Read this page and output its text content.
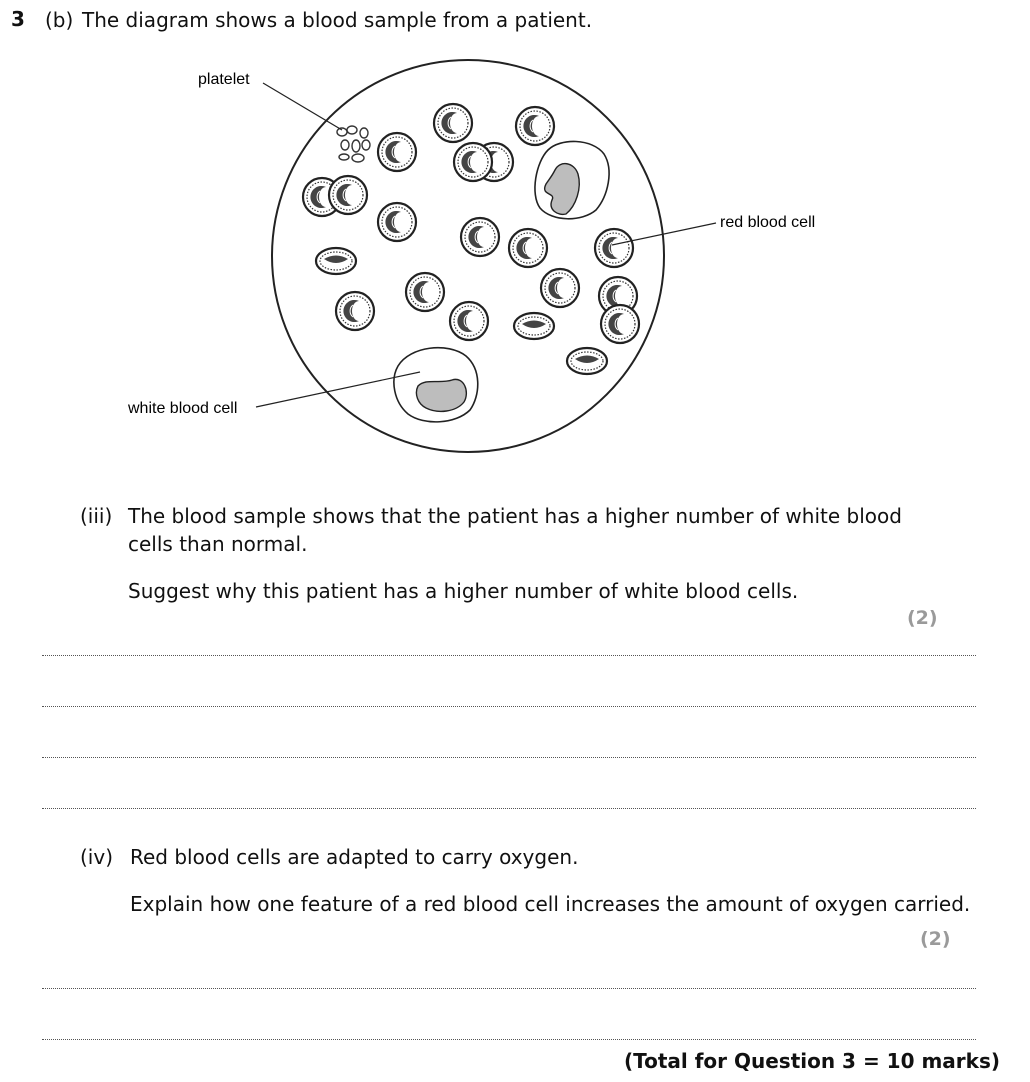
3 (b) The diagram shows a blood sample from a patient.
platelet
red blood cell
white blood cell
(iii) The blood sample shows that the patient has a higher number of white blood
cells than normal.
Suggest why this patient has a higher number of white blood cells.
(2)
(iv) Red blood cells are adapted to carry oxygen.
Explain how one feature of a red blood cell increases the amount of oxygen carried.
(2)
(Total for Question 3 = 10 marks)
